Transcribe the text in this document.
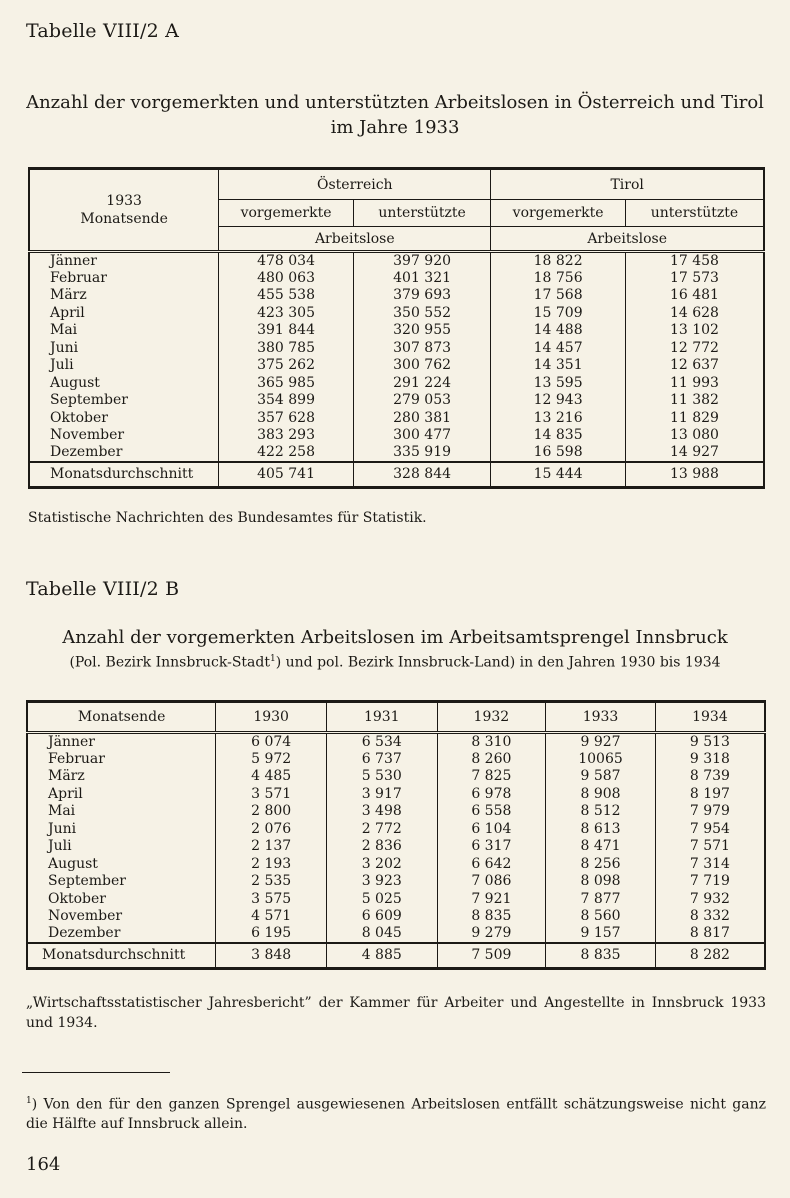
Tabelle VIII/2 A
Anzahl der vorgemerkten und unterstützten Arbeitslosen in Österreich und Tirol
im Jahre 1933
1933
Monatsende	Österreich		Tirol	
	vorgemerkte	unterstützte	vorgemerkte	unterstützte
	Arbeitslose		Arbeitslose	
Jänner	478 034	397 920	18 822	17 458
Februar	480 063	401 321	18 756	17 573
März	455 538	379 693	17 568	16 481
April	423 305	350 552	15 709	14 628
Mai	391 844	320 955	14 488	13 102
Juni	380 785	307 873	14 457	12 772
Juli	375 262	300 762	14 351	12 637
August	365 985	291 224	13 595	11 993
September	354 899	279 053	12 943	11 382
Oktober	357 628	280 381	13 216	11 829
November	383 293	300 477	14 835	13 080
Dezember	422 258	335 919	16 598	14 927
Monatsdurchschnitt	405 741	328 844	15 444	13 988
Statistische Nachrichten des Bundesamtes für Statistik.
Tabelle VIII/2 B
Anzahl der vorgemerkten Arbeitslosen im Arbeitsamtsprengel Innsbruck
(Pol. Bezirk Innsbruck-Stadt$^1$) und pol. Bezirk Innsbruck-Land) in den Jahren 1930 bis 1934
Monatsende	1930	1931	1932	1933	1934
Jänner	6 074	6 534	8 310	9 927	9 513
Februar	5 972	6 737	8 260	10065	9 318
März	4 485	5 530	7 825	9 587	8 739
April	3 571	3 917	6 978	8 908	8 197
Mai	2 800	3 498	6 558	8 512	7 979
Juni	2 076	2 772	6 104	8 613	7 954
Juli	2 137	2 836	6 317	8 471	7 571
August	2 193	3 202	6 642	8 256	7 314
September	2 535	3 923	7 086	8 098	7 719
Oktober	3 575	5 025	7 921	7 877	7 932
November	4 571	6 609	8 835	8 560	8 332
Dezember	6 195	8 045	9 279	9 157	8 817
Monatsdurchschnitt	3 848	4 885	7 509	8 835	8 282
„Wirtschaftsstatistischer Jahresbericht” der Kammer für Arbeiter und Angestellte in Innsbruck 1933 und 1934.
$^1$) Von den für den ganzen Sprengel ausgewiesenen Arbeitslosen entfällt schätzungsweise nicht ganz die Hälfte auf Innsbruck allein.
164
